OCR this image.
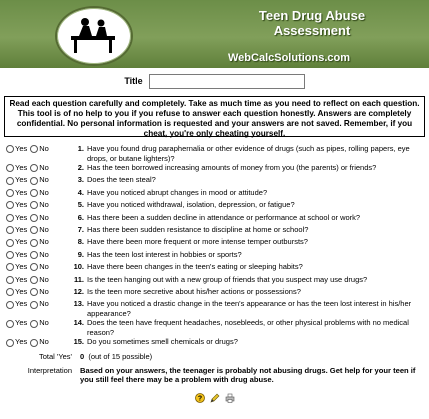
Teen Drug Abuse Assessment
WebCalcSolutions.com
Title
Read each question carefully and completely. Take as much time as you need to reflect on each question. This tool is of no help to you if you refuse to answer each question honestly. Answers are completely confidential. No personal information is requested and your answers are not saved. Remember, if you cheat, you're only cheating yourself.
Yes No	1. Have you found drug paraphernalia or other evidence of drugs (such as pipes, rolling papers, eye drops, or butane lighters)?
Yes No	2. Has the teen borrowed increasing amounts of money from you (the parents) or friends?
Yes No	3. Does the teen steal?
Yes No	4. Have you noticed abrupt changes in mood or attitude?
Yes No	5. Have you noticed withdrawal, isolation, depression, or fatigue?
Yes No	6. Has there been a sudden decline in attendance or performance at school or work?
Yes No	7. Has there been sudden resistance to discipline at home or school?
Yes No	8. Have there been more frequent or more intense temper outbursts?
Yes No	9. Has the teen lost interest in hobbies or sports?
Yes No	10. Have there been changes in the teen's eating or sleeping habits?
Yes No	11. Is the teen hanging out with a new group of friends that you suspect may use drugs?
Yes No	12. Is the teen more secretive about his/her actions or possessions?
Yes No	13. Have you noticed a drastic change in the teen's appearance or has the teen lost interest in his/her appearance?
Yes No	14. Does the teen have frequent headaches, nosebleeds, or other physical problems with no medical reason?
Yes No	15. Do you sometimes smell chemicals or drugs?
Total 'Yes'	0 (out of 15 possible)
Interpretation	Based on your answers, the teenager is probably not abusing drugs. Get help for your teen if you still feel there may be a problem with drug abuse.
?
